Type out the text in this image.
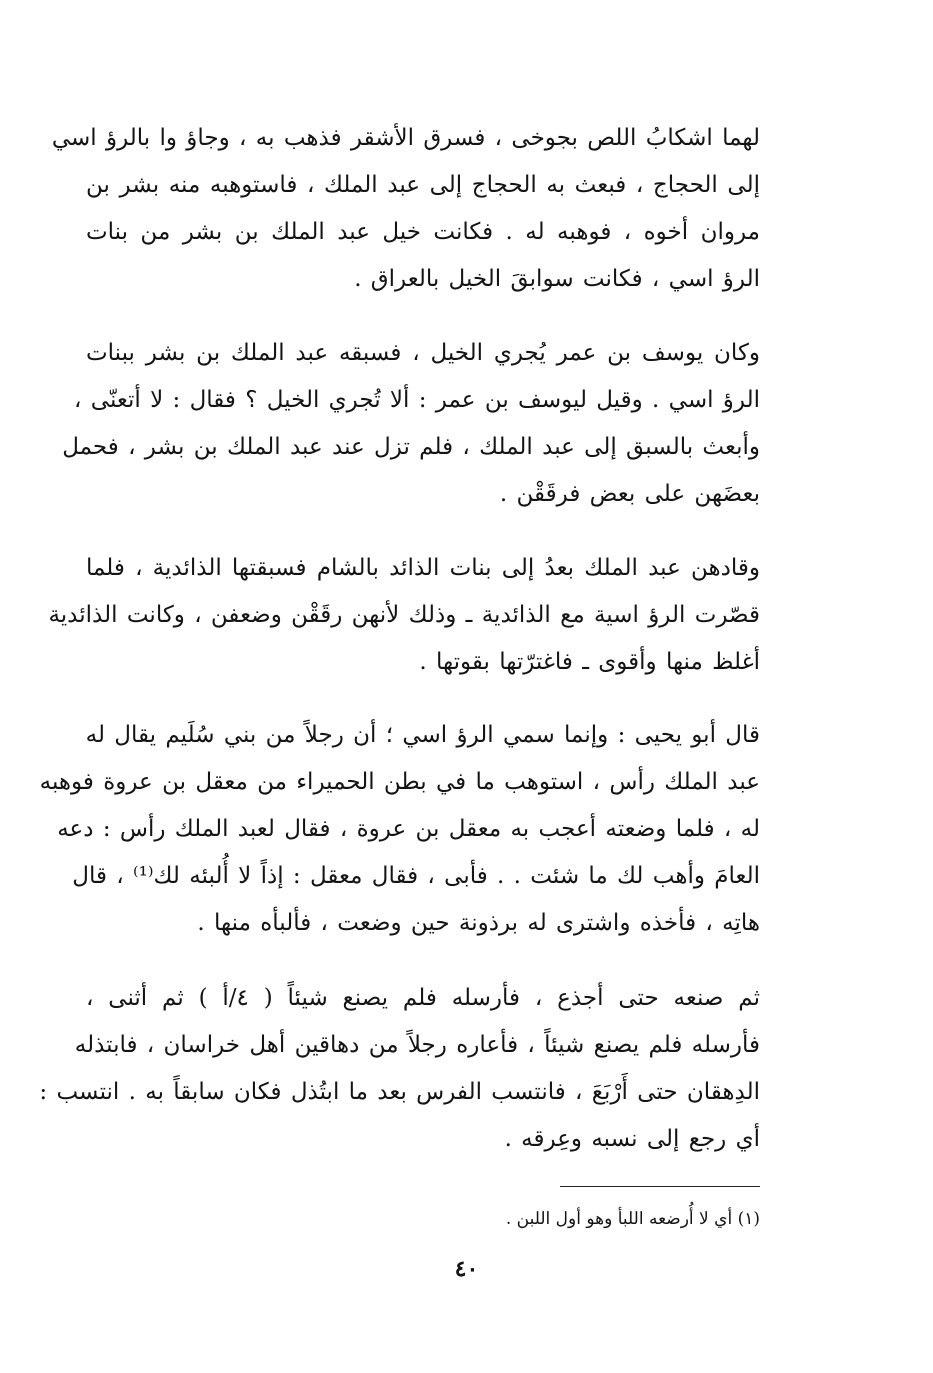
لهما اشكابُ اللص بجوخى ، فسرق الأشقر فذهب به ، وجاؤ وا بالرؤ اسي
إلى الحجاج ، فبعث به الحجاج إلى عبد الملك ، فاستوهبه منه بشر بن
مروان أخوه ، فوهبه له . فكانت خيل عبد الملك بن بشر من بنات
الرؤ اسي ، فكانت سوابقَ الخيل بالعراق .
وكان يوسف بن عمر يُجري الخيل ، فسبقه عبد الملك بن بشر ببنات
الرؤ اسي . وقيل ليوسف بن عمر : ألا تُجري الخيل ؟ فقال : لا أتعنّى ،
وأبعث بالسبق إلى عبد الملك ، فلم تزل عند عبد الملك بن بشر ، فحمل
بعضَهن على بعض فرقَقْن .
وقادهن عبد الملك بعدُ إلى بنات الذائد بالشام فسبقتها الذائدية ، فلما
قصّرت الرؤ اسية مع الذائدية ـ وذلك لأنهن رقَقْن وضعفن ، وكانت الذائدية
أغلظ منها وأقوى ـ فاغترّتها بقوتها .
قال أبو يحيى : وإنما سمي الرؤ اسي ؛ أن رجلاً من بني سُلَيم يقال له
عبد الملك رأس ، استوهب ما في بطن الحميراء من معقل بن عروة فوهبه
له ، فلما وضعته أعجب به معقل بن عروة ، فقال لعبد الملك رأس : دعه
العامَ وأهب لك ما شئت . . فأبى ، فقال معقل : إذاً لا أُلبئه لك⁽¹⁾ ، قال
هاتِه ، فأخذه واشترى له برذونة حين وضعت ، فألبأه منها .
ثم صنعه حتى أجذع ، فأرسله فلم يصنع شيئاً ( ٤/أ ) ثم أثنى ،
فأرسله فلم يصنع شيئاً ، فأعاره رجلاً من دهاقين أهل خراسان ، فابتذله
الدِهقان حتى أَرْبَعَ ، فانتسب الفرس بعد ما ابتُذل فكان سابقاً به . انتسب :
أي رجع إلى نسبه وعِرقه .
(١) أي لا أُرضعه اللبأ وهو أول اللبن .
٤٠
